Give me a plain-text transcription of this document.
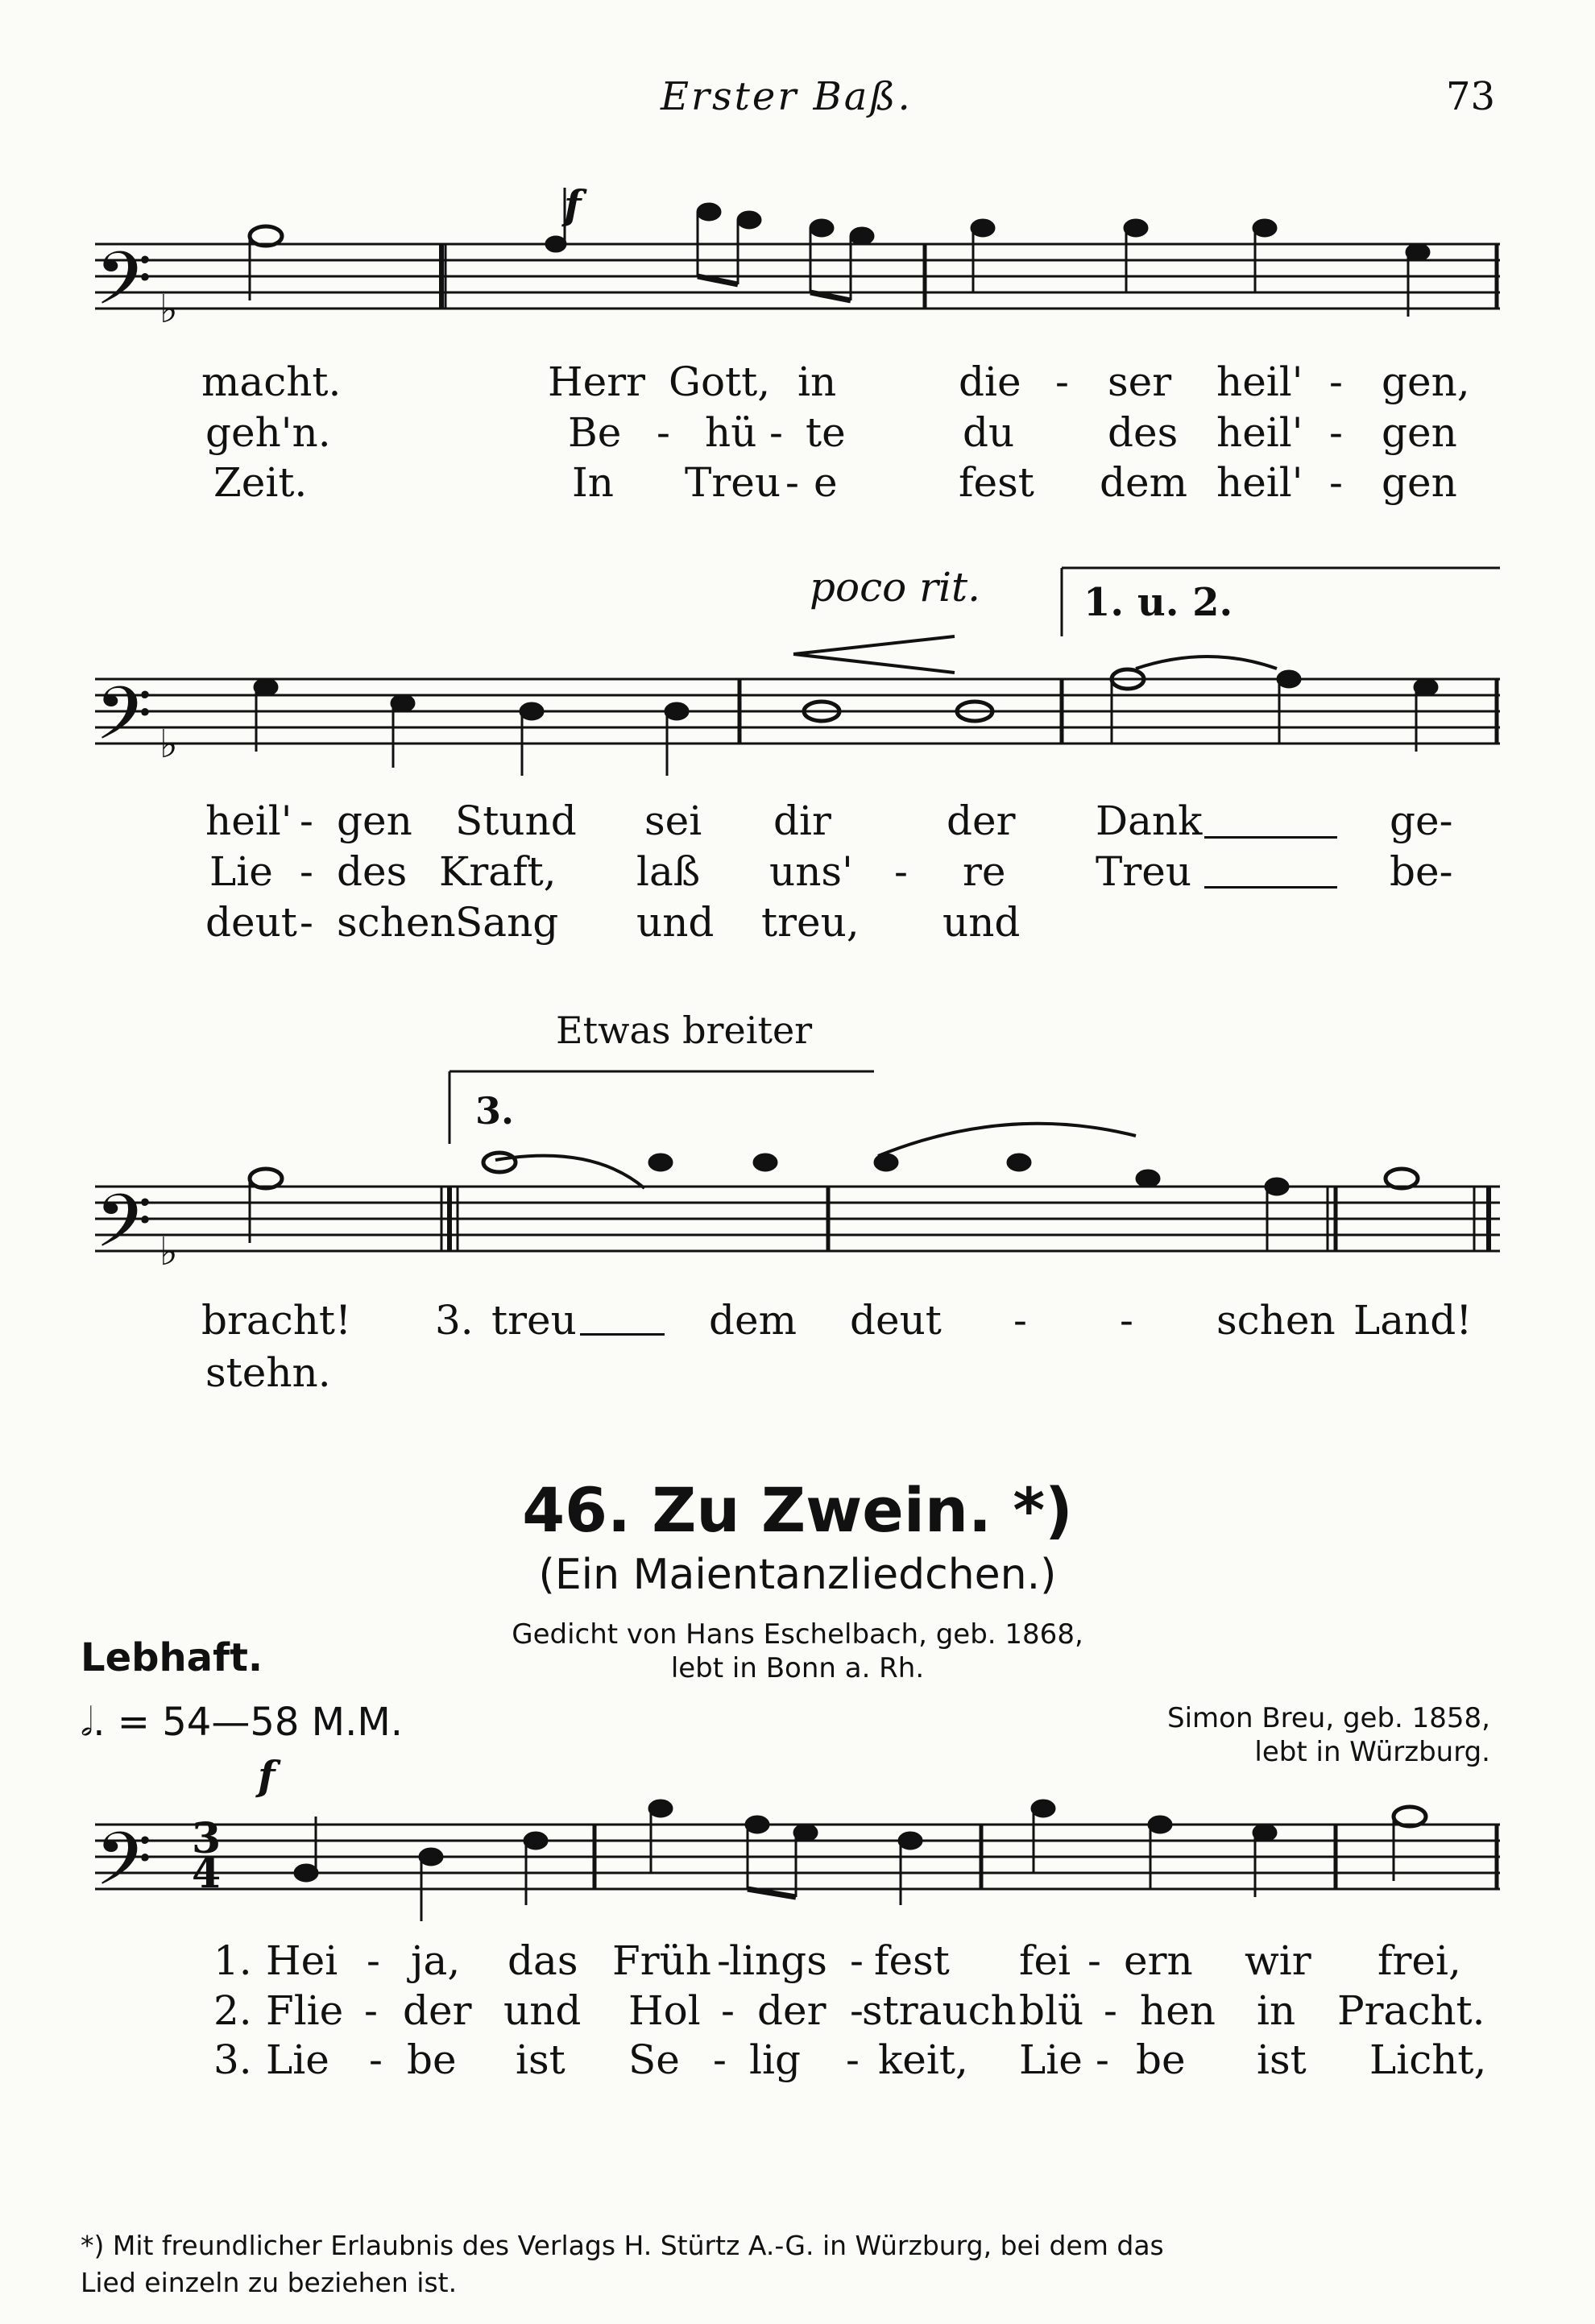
Erster Baß.	73
𝄢
𝄢
𝄢
𝄢
♭
♭
♭
3
4
f
poco rit.	1. u. 2.
Etwas breiter
3.
f
macht.	Herr Gott, in	die - ser heil' - gen,
geh'n.	Be - hü - te	du des heil' - gen
Zeit.	In Treu - e	fest dem heil' - gen
heil' - gen Stund sei dir	der Dank	ge-
Lie - des Kraft, laß uns' - re Treu	be-
deut - schen Sang und treu, und
bracht! 3. treu	dem deut - - schen Land!
stehn.
46. Zu Zwein. *)
(Ein Maientanzliedchen.)
Gedicht von Hans Eschelbach, geb. 1868,
lebt in Bonn a. Rh.
Simon Breu, geb. 1858,
lebt in Würzburg.
Lebhaft.
𝅗𝅥. = 54—58 M.M.
1. Hei - ja, das Früh -
lings - fest fei - ern wir frei,
2. Flie - der und Hol - der -
strauch blü - hen in Pracht.
3. Lie - be ist Se - lig - keit, Lie - be ist Licht,
*) Mit freundlicher Erlaubnis des Verlags H. Stürtz A.-G. in Würzburg, bei dem das
Lied einzeln zu beziehen ist.
